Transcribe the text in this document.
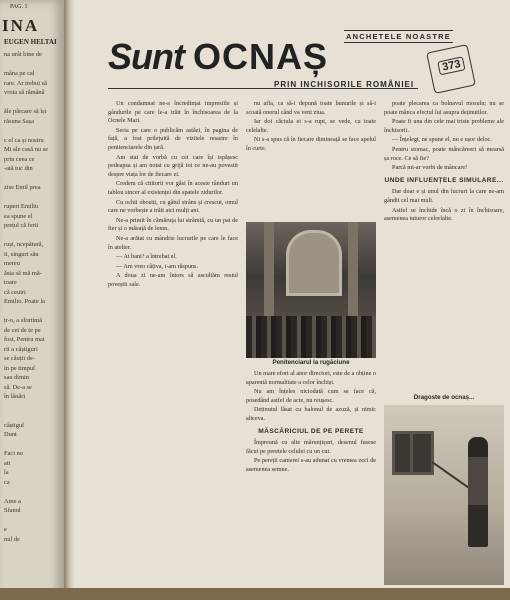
PAG. 1
INA
EUGEN HELTAI
na urât bine de

mâna pe cal
rare. Ar trebui să
vroia să rămână

ăle pârcare să își
răsuna Sașa

c el ca și nostru
Mi ale casă nu se
prin ceea ce
-ată tuc din

zise Emil prea

ruperi Emiliu
ea spune el
prețul că ferii

ruși, ncepătură,
ii, singuri său
mereu
ăsta să mă mă-
toare
că ceuiri
Emilio. Poate la

țr-o, a sfortimă
de cei de te pe
fost, Pentru mai
rii a câștiguri
se căuții de-
in pe timpul
sau dimin
să. De-a se
în lânări

câștigul
Dunt

Faci nu
ati
la
ca

Ame a
Sfanul

e
nul de
ANCHETELE NOASTRE
Sunt OCNAȘ	373
PRIN INCHISORILE ROMÂNIEI

Un condamnat ne-a încredințat impresiile și gândurile pe care le-a trăit în închisoarea de la Ocnele Mari.

Seria pe care o publicăm astăzi, în pagina de față, a fost prilejuită de vizitele noastre în penitenciarele din țară.

Am stat de vorbă cu cei care își ispășesc pedeapsa și am notat cu grijă tot ce ne-au povestit despre viața lor de fiecare zi.

Credem că cititorii vor găsi în aceste rânduri un tablou sincer al existenței din spatele zidurilor.

Cu ochii obosiți, cu gâtul strâns și crescut, omul care ne vorbește a trăit aici mulți ani.

Ne-a primit în cămăruța lui strâmtă, cu un pat de fier și o măsuță de lemn.

Ne-a arătat cu mândrie lucrurile pe care le face în atelier.

— Ai bani? a întrebat el.

— Am vreo câțiva, i-am răspuns.

A doua zi ne-am întors să ascultăm restul poveștii sale.

nu afla, ca să-i depună toate bunurile și să-i scoată onorul când va veni ziua.

Iar doi căciula ei s-a rupt, se vede, ca toate celelalte.

Ni s-a spus că în fiecare dimineață se face apelul în curte.

Penitenciarul la rugăciune

Un mare efort al anor directori, este de a obține o aparentă normalitate a celor închiși.

Nu am înțeles niciodată cum se face că, posedând astfel de acte, nu reușesc.

Deținutul lăsat cu balonul de azuză, și nimic altceva.

MĂSCĂRICIUL DE PE PERETE

Împreună cu alte mărunțișuri, desenul fusese făcut pe peretele celulei cu un cui.

Pe pereții camerei s-au adunat cu vremea zeci de asemenea semne.

poate plecarea ca bolnavul mosulu; nu se poate mânca efectul lui asupra deținutilor.

Poate fi una din cele mai triste probleme ale închisorii.

— Înțelegi, ne spune el, nu e ușor deloc.

Pentru stomac, poate mâncăreeri să mearsă șa roce. Ce să fie?

Parcă mi-ar vorbi de mâncare!

UNDE INFLUENȚELE SIMULARE...

Dar doar e și unul din lucruri la care ne-am gândit cel mai mult.

Astfel se închide încă o zi în închisoare, asemenea tuturor celorlalte.

Dragoste de ocnaș...
